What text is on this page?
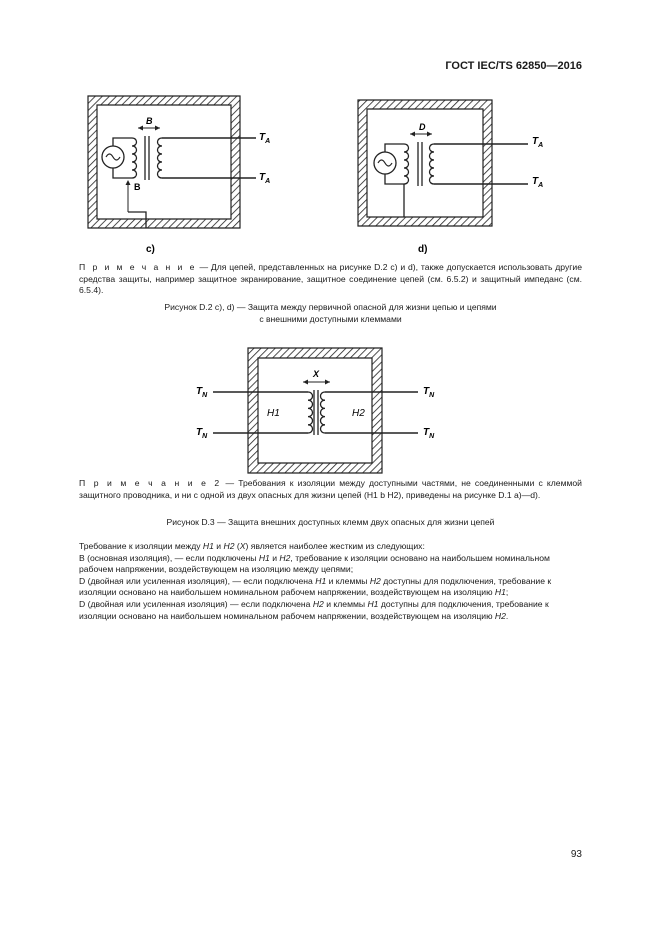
ГОСТ IEC/TS 62850—2016
B
B
$T_A$
$T_A$
c)
D
$T_A$
$T_A$
d)
П р и м е ч а н и е — Для цепей, представленных на рисунке D.2 c) и d), также допускается использовать другие средства защиты, например защитное экранирование, защитное соединение цепей (см. 6.5.2) и защитный импеданс (см. 6.5.4).
Рисунок D.2 c), d) — Защита между первичной опасной для жизни цепью и цепями
с внешними доступными клеммами
X
H1	H2
$T_N$
$T_N$
$T_N$
$T_N$
П р и м е ч а н и е 2 — Требования к изоляции между доступными частями, не соединенными с клеммой защитного проводника, и ни с одной из двух опасных для жизни цепей (H1 b H2), приведены на рисунке D.1 a)—d).
Рисунок D.3 — Защита внешних доступных клемм двух опасных для жизни цепей

Требование к изоляции между H1 и H2 (X) является наиболее жестким из следующих:

B (основная изоляция), — если подключены H1 и H2, требование к изоляции основано на наибольшем номинальном рабочем напряжении, воздействующем на изоляцию между цепями;

D (двойная или усиленная изоляция), — если подключена H1 и клеммы H2 доступны для подключения, требование к изоляции основано на наибольшем номинальном рабочем напряжении, воздействующем на изоляцию H1;

D (двойная или усиленная изоляция) — если подключена H2 и клеммы H1 доступны для подключения, требование к изоляции основано на наибольшем номинальном рабочем напряжении, воздействующем на изоляцию H2.

93
